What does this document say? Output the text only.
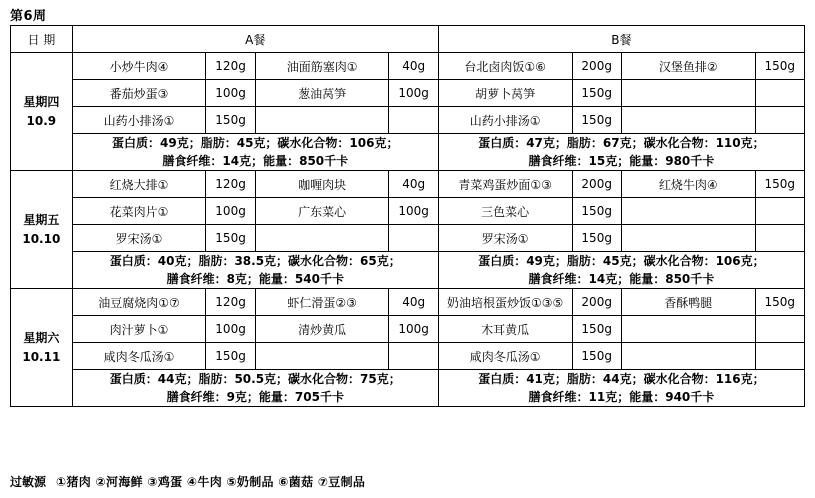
第6周
日 期	A餐				B餐			

星期四
10.9	小炒牛肉④	120g	油面筋塞肉①	40g	台北卤肉饭①⑥	200g	汉堡鱼排②	150g
	番茄炒蛋③	100g	葱油莴笋	100g	胡萝卜莴笋	150g		
	山药小排汤①	150g			山药小排汤①	150g		

	蛋白质：49克；脂肪：45克；碳水化合物：106克；
膳食纤维：14克；能量：850千卡				蛋白质：47克；脂肪：67克；碳水化合物：110克；
膳食纤维：15克；能量：980千卡			

星期五
10.10	红烧大排①	120g	咖喱肉块	40g	青菜鸡蛋炒面①③	200g	红烧牛肉④	150g
	花菜肉片①	100g	广东菜心	100g	三色菜心	150g		
	罗宋汤①	150g			罗宋汤①	150g		

	蛋白质：40克；脂肪：38.5克；碳水化合物：65克；
膳食纤维：8克；能量：540千卡				蛋白质：49克；脂肪：45克；碳水化合物：106克；
膳食纤维：14克；能量：850千卡			

星期六
10.11	油豆腐烧肉①⑦	120g	虾仁滑蛋②③	40g	奶油培根蛋炒饭①③⑤	200g	香酥鸭腿	150g
	肉汁萝卜①	100g	清炒黄瓜	100g	木耳黄瓜	150g		
	咸肉冬瓜汤①	150g			咸肉冬瓜汤①	150g		

	蛋白质：44克；脂肪：50.5克；碳水化合物：75克；
膳食纤维：9克；能量：705千卡				蛋白质：41克；脂肪：44克；碳水化合物：116克；
膳食纤维：11克；能量：940千卡			
过敏源 ①猪肉 ②河海鲜 ③鸡蛋 ④牛肉 ⑤奶制品 ⑥菌菇 ⑦豆制品
